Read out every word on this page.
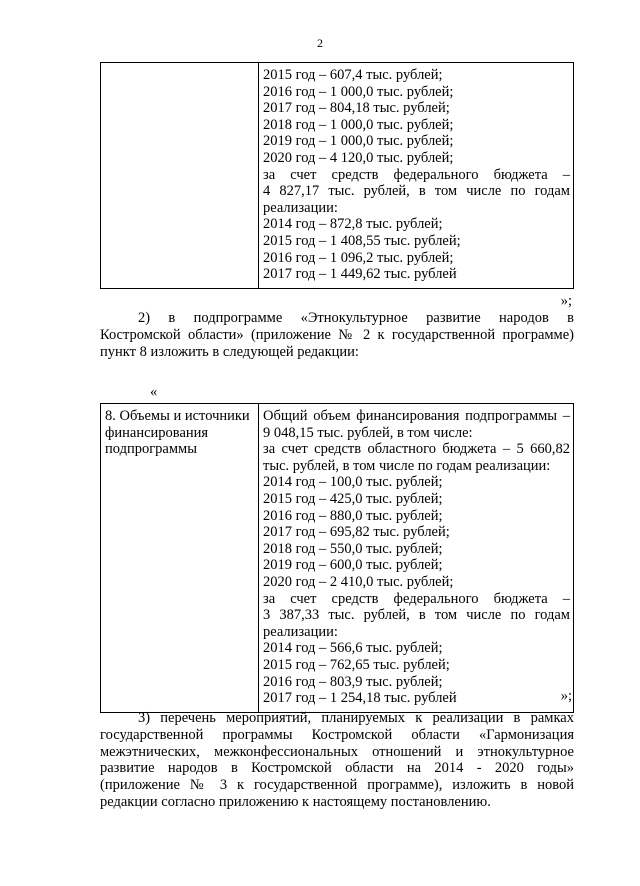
2

2015 год – 607,4 тыс. рублей;
2016 год – 1 000,0 тыс. рублей;
2017 год – 804,18 тыс. рублей;
2018 год – 1 000,0 тыс. рублей;
2019 год – 1 000,0 тыс. рублей;
2020 год – 4 120,0 тыс. рублей;
за счет средств федерального бюджета –
4 827,17 тыс. рублей, в том числе по годам
реализации:
2014 год – 872,8 тыс. рублей;
2015 год – 1 408,55 тыс. рублей;
2016 год – 1 096,2 тыс. рублей;
2017 год – 1 449,62 тыс. рублей
»;
2) в подпрограмме «Этнокультурное развитие народов в
Костромской области» (приложение № 2 к государственной программе)
пункт 8 изложить в следующей редакции:
«
8. Объемы и источники
финансирования
подпрограммы

Общий объем финансирования подпрограммы –
9 048,15 тыс. рублей, в том числе:
за счет средств областного бюджета – 5 660,82
тыс. рублей, в том числе по годам реализации:
2014 год – 100,0 тыс. рублей;
2015 год – 425,0 тыс. рублей;
2016 год – 880,0 тыс. рублей;
2017 год – 695,82 тыс. рублей;
2018 год – 550,0 тыс. рублей;
2019 год – 600,0 тыс. рублей;
2020 год – 2 410,0 тыс. рублей;
за счет средств федерального бюджета –
3 387,33 тыс. рублей, в том числе по годам
реализации:
2014 год – 566,6 тыс. рублей;
2015 год – 762,65 тыс. рублей;
2016 год – 803,9 тыс. рублей;
2017 год – 1 254,18 тыс. рублей	»;
3) перечень мероприятий, планируемых к реализации в рамках
государственной программы Костромской области «Гармонизация
межэтнических, межконфессиональных отношений и этнокультурное
развитие народов в Костромской области на 2014 - 2020 годы»
(приложение № 3 к государственной программе), изложить в новой
редакции согласно приложению к настоящему постановлению.
